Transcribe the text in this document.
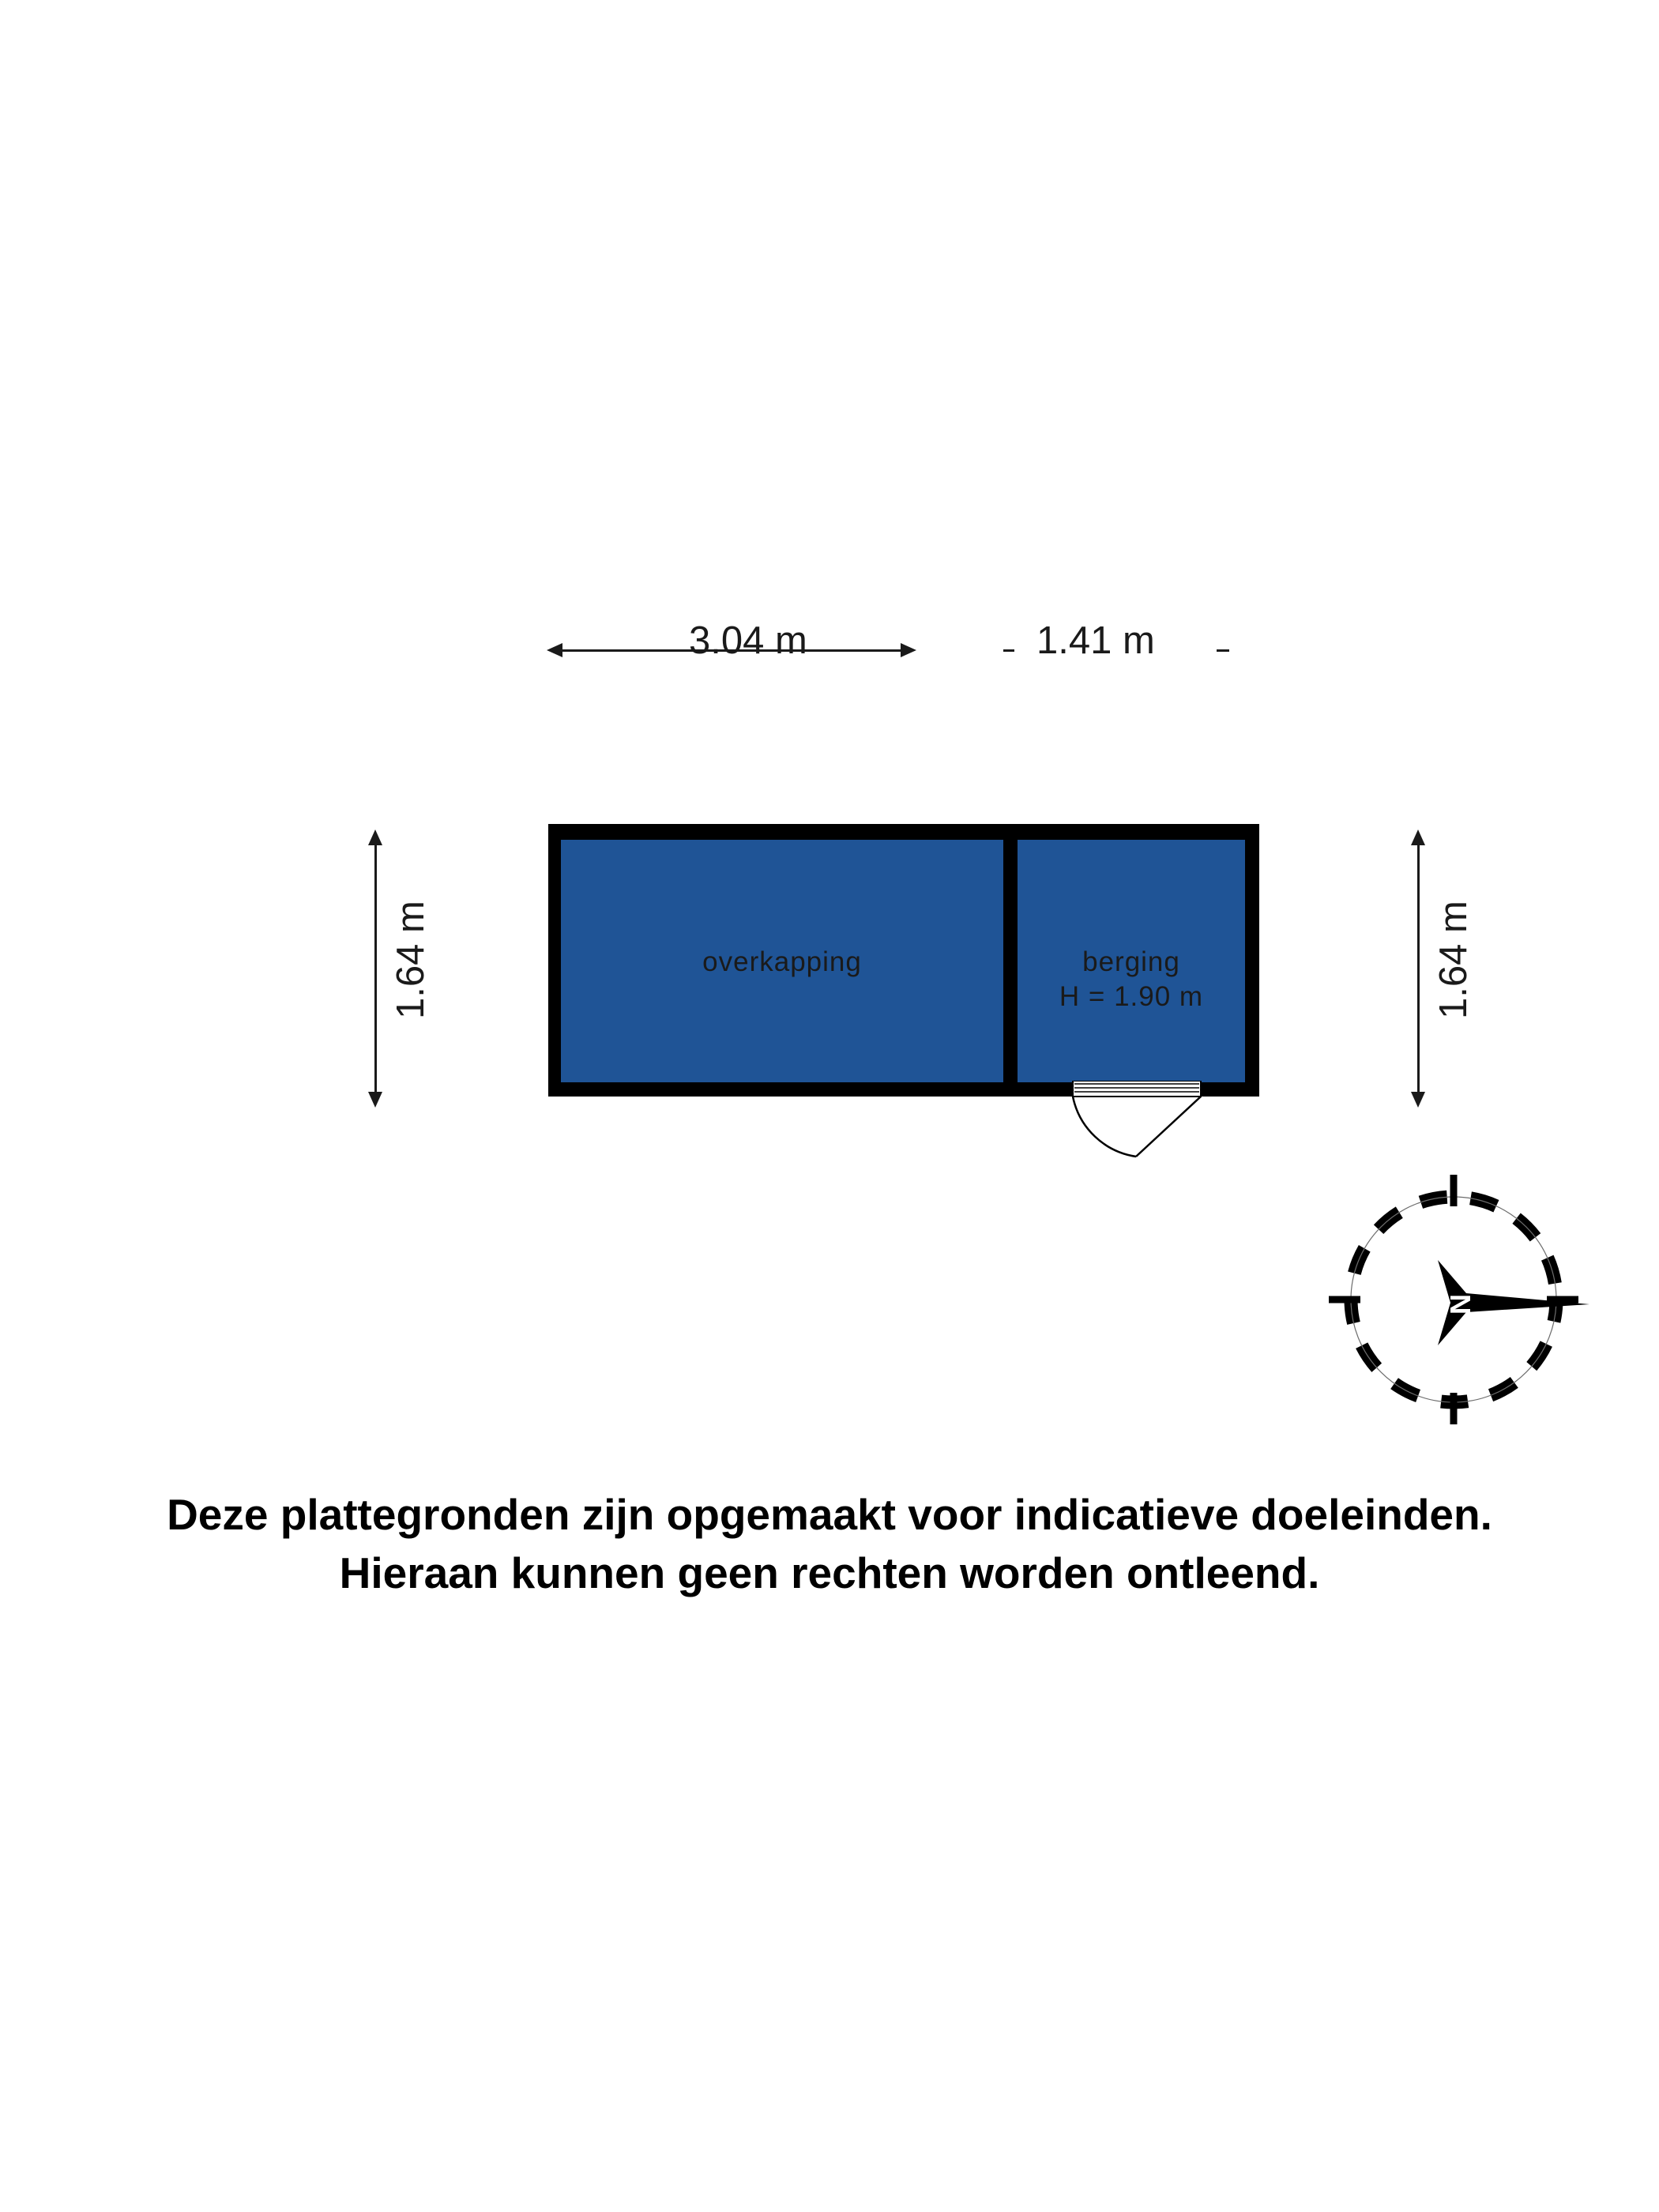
3.04 m	1.41 m
1.64 m	1.64 m
overkapping	berging
H = 1.90 m
N
Deze plattegronden zijn opgemaakt voor indicatieve doeleinden.
Hieraan kunnen geen rechten worden ontleend.
